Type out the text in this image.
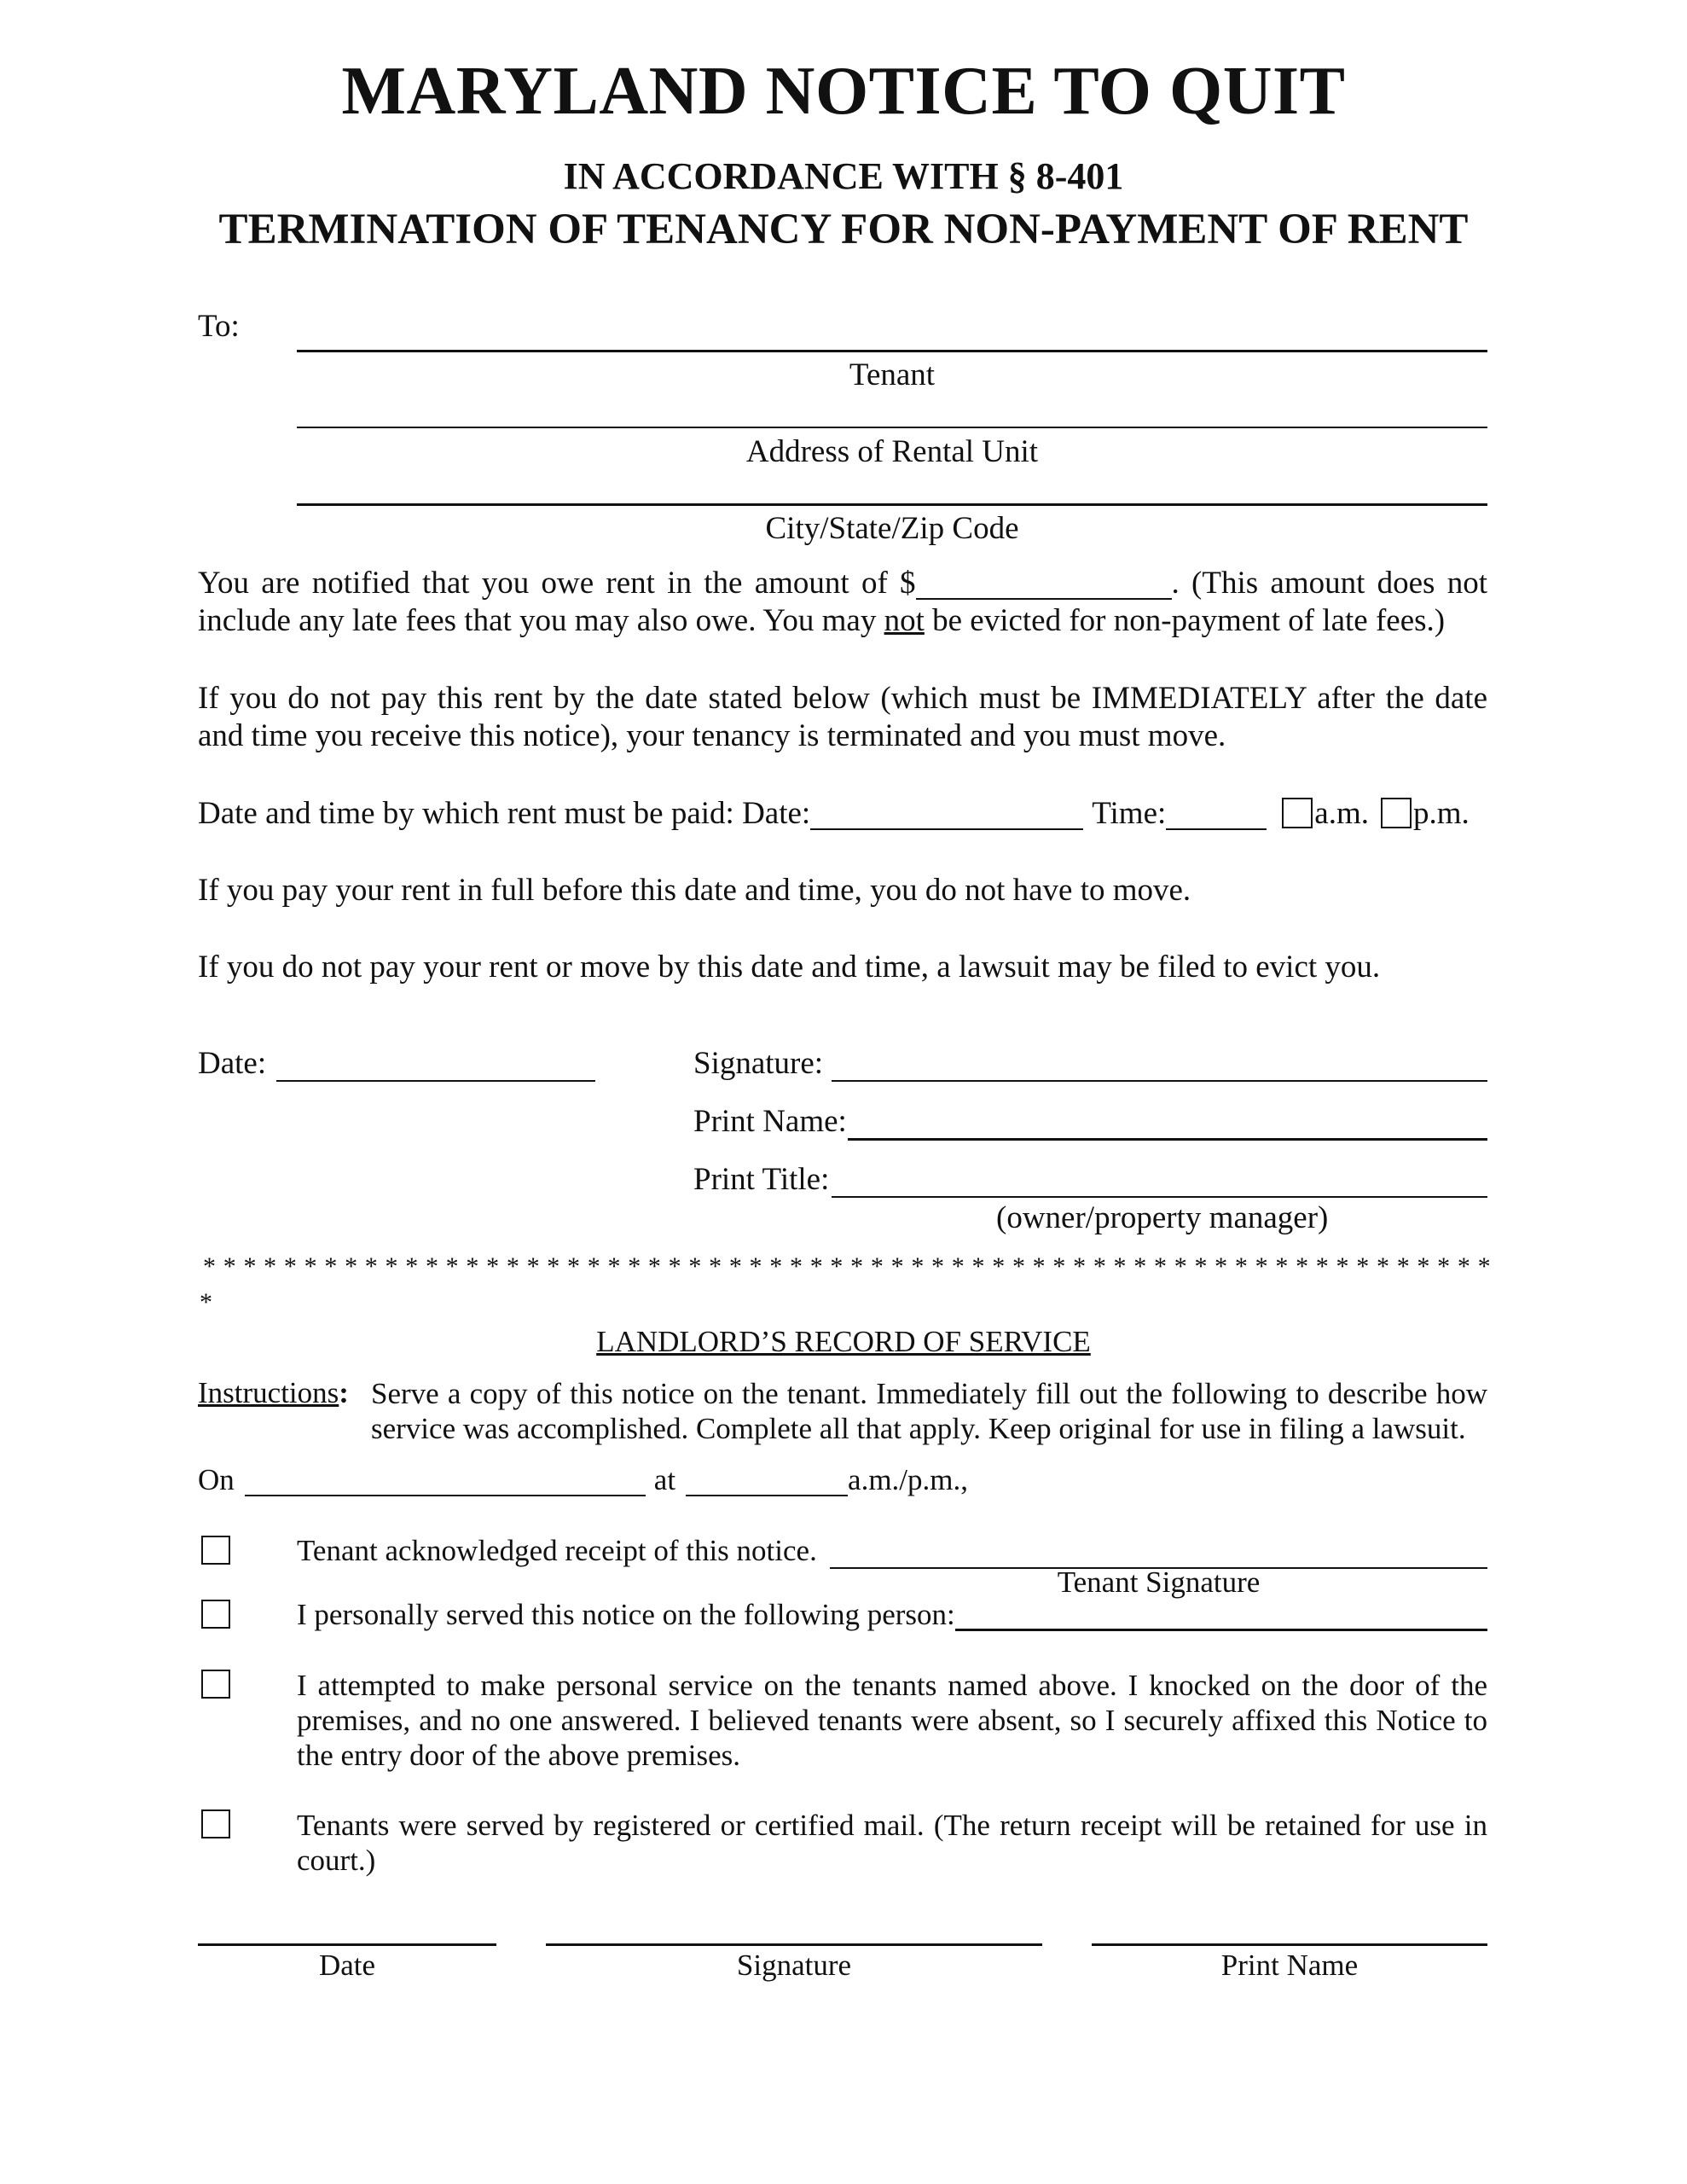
MARYLAND NOTICE TO QUIT
IN ACCORDANCE WITH § 8-401
TERMINATION OF TENANCY FOR NON-PAYMENT OF RENT
To:
Tenant
Address of Rental Unit
City/State/Zip Code
You are notified that you owe rent in the amount of $	. (This amount does not include any late fees that you may also owe. You may not be evicted for non-payment of late fees.)
If you do not pay this rent by the date stated below (which must be IMMEDIATELY after the date and time you receive this notice), your tenancy is terminated and you must move.
Date and time by which rent must be paid: Date:	Time:	a.m. p.m.
If you pay your rent in full before this date and time, you do not have to move.
If you do not pay your rent or move by this date and time, a lawsuit may be filed to evict you.
Date:	Signature:
Print Name:
Print Title:
(owner/property manager)
* * * * * * * * * * * * * * * * * * * * * * * * * * * * * * * * * * * * * * * * * * * * * * * * * * * * * * * * * * * * * * * *
*
LANDLORD’S RECORD OF SERVICE
Instructions: Serve a copy of this notice on the tenant. Immediately fill out the following to describe how service was accomplished. Complete all that apply. Keep original for use in filing a lawsuit.
On	at	a.m./p.m.,
Tenant acknowledged receipt of this notice.
Tenant Signature
I personally served this notice on the following person:
I attempted to make personal service on the tenants named above. I knocked on the door of the premises, and no one answered. I believed tenants were absent, so I securely affixed this Notice to the entry door of the above premises.
Tenants were served by registered or certified mail. (The return receipt will be retained for use in court.)
Date	Signature	Print Name
